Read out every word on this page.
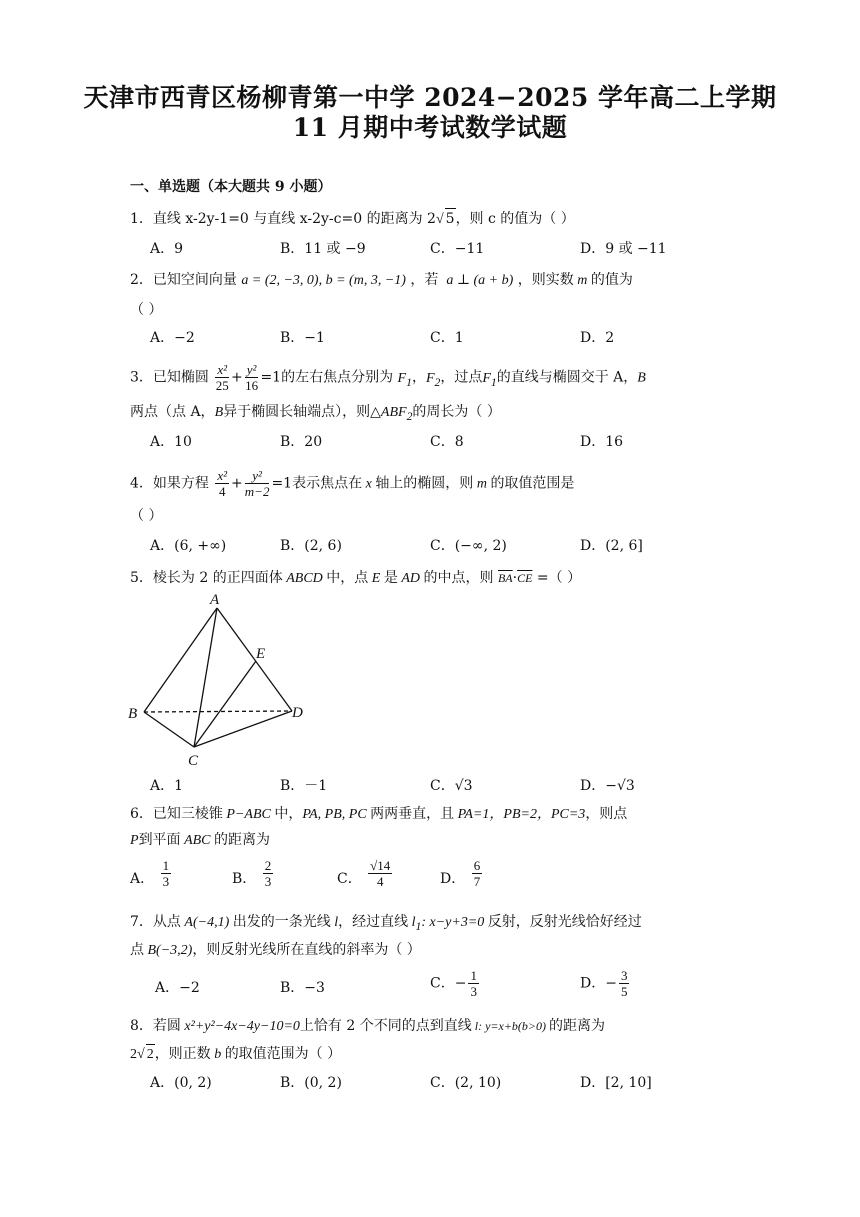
天津市西青区杨柳青第一中学 2024−2025 学年高二上学期
11 月期中考试数学试题
一、单选题（本大题共 9 小题）
1．直线 x-2y-1=0 与直线 x-2y-c=0 的距离为 2√ 5，则 c 的值为（ ）
A．9	B．11 或 −9	C．−11	D．9 或 −11
2．已知空间向量 a = (2, −3, 0), b = (m, 3, −1) ，若  a ⊥ (a + b) ，则实数 m 的值为
（ ）
A．−2	B．−1	C．1	D．2
3．已知椭圆 $\frac{\text{x²}}{25} + \frac{\text{y²}}{16} =1$的左右焦点分别为 $F_1$，$F_2$，过点$F_1$的直线与椭圆交于 A，B
两点（点 A，B异于椭圆长轴端点），则$\triangle ABF_2$的周长为（ ）
A．10	B．20	C．8	D．16
4．如果方程 $\frac{\text{x²}}{4} + \frac{\text{y²}}{m-2} =1$表示焦点在 x 轴上的椭圆，则 m 的取值范围是
（ ）
A．(6, +∞)	B．(2, 6)	C．(−∞, 2)	D．(2, 6]
5．棱长为 2 的正四面体 ABCD 中，点 E 是 AD 的中点，则 $\overline{BA}\cdot\overline{CE}$ =（ ）
A
B
C
D
E
A．1	B．－1	C．√3	D．−√3
6．已知三棱锥 P−ABC 中，PA, PB, PC 两两垂直，且 PA=1，PB=2，PC=3，则点
P到平面 ABC 的距离为
A． $\frac{1}{3}$	B． $\frac{2}{3}$	C． $\frac{√14}{4}$	D． $\frac{6}{7}$
7．从点 A(−4,1) 出发的一条光线 l，经过直线 $l_1$: x−y+3=0 反射，反射光线恰好经过
点 B(−3,2)，则反射光线所在直线的斜率为（ ）
A．−2	B．−3	C．− $\frac{1}{3}$	D．− $\frac{3}{5}$
8．若圆 x²+y²−4x−4y−10=0上恰有 2 个不同的点到直线 l: y=x+b(b>0) 的距离为
2√ 2，则正数 b 的取值范围为（ ）
A．(0, 2)	B．(0, 2)	C．(2, 10)	D．[2, 10]
